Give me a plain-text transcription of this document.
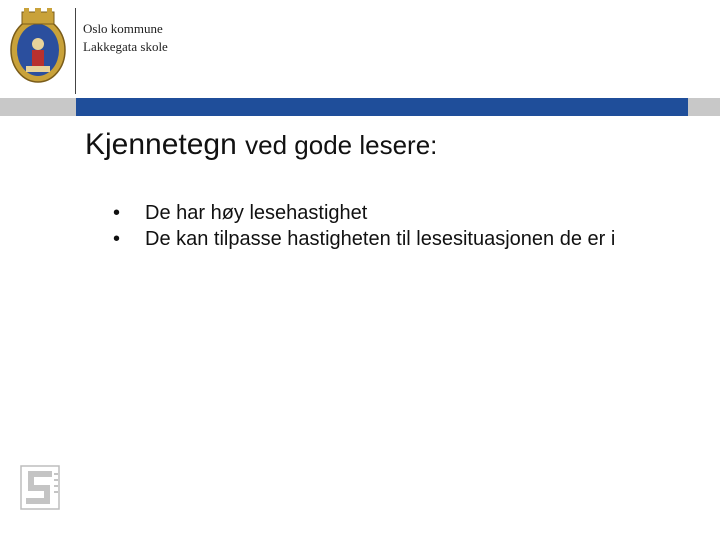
Oslo kommune
Lakkegata skole
Kjennetegn ved gode lesere:
• De har høy lesehastighet
• De kan tilpasse hastigheten til lesesituasjonen de er i
